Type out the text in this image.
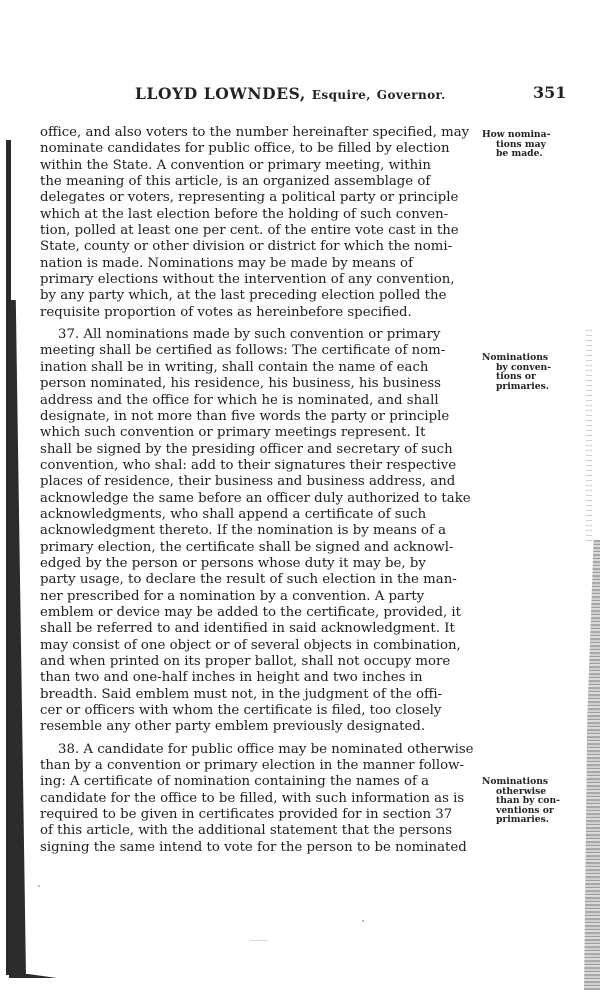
LLOYD LOWNDES, Esquire, Governor.	351
office, and also voters to the number hereinafter specified, may
nominate candidates for public office, to be filled by election
within the State. A convention or primary meeting, within
the meaning of this article, is an organized assemblage of
delegates or voters, representing a political party or principle
which at the last election before the holding of such conven-
tion, polled at least one per cent. of the entire vote cast in the
State, county or other division or district for which the nomi-
nation is made. Nominations may be made by means of
primary elections without the intervention of any convention,
by any party which, at the last preceding election polled the
requisite proportion of votes as hereinbefore specified.
37. All nominations made by such convention or primary
meeting shall be certified as follows: The certificate of nom-
ination shall be in writing, shall contain the name of each
person nominated, his residence, his business, his business
address and the office for which he is nominated, and shall
designate, in not more than five words the party or principle
which such convention or primary meetings represent. It
shall be signed by the presiding officer and secretary of such
convention, who shal: add to their signatures their respective
places of residence, their business and business address, and
acknowledge the same before an officer duly authorized to take
acknowledgments, who shall append a certificate of such
acknowledgment thereto. If the nomination is by means of a
primary election, the certificate shall be signed and acknowl-
edged by the person or persons whose duty it may be, by
party usage, to declare the result of such election in the man-
ner prescribed for a nomination by a convention. A party
emblem or device may be added to the certificate, provided, it
shall be referred to and identified in said acknowledgment. It
may consist of one object or of several objects in combination,
and when printed on its proper ballot, shall not occupy more
than two and one-half inches in height and two inches in
breadth. Said emblem must not, in the judgment of the offi-
cer or officers with whom the certificate is filed, too closely
resemble any other party emblem previously designated.
38. A candidate for public office may be nominated otherwise
than by a convention or primary election in the manner follow-
ing: A certificate of nomination containing the names of a
candidate for the office to be filled, with such information as is
required to be given in certificates provided for in section 37
of this article, with the additional statement that the persons
signing the same intend to vote for the person to be nominated
How nomina-
tions may
be made.
Nominations
by conven-
tions or
primaries.
Nominations
otherwise
than by con-
ventions or
primaries.
